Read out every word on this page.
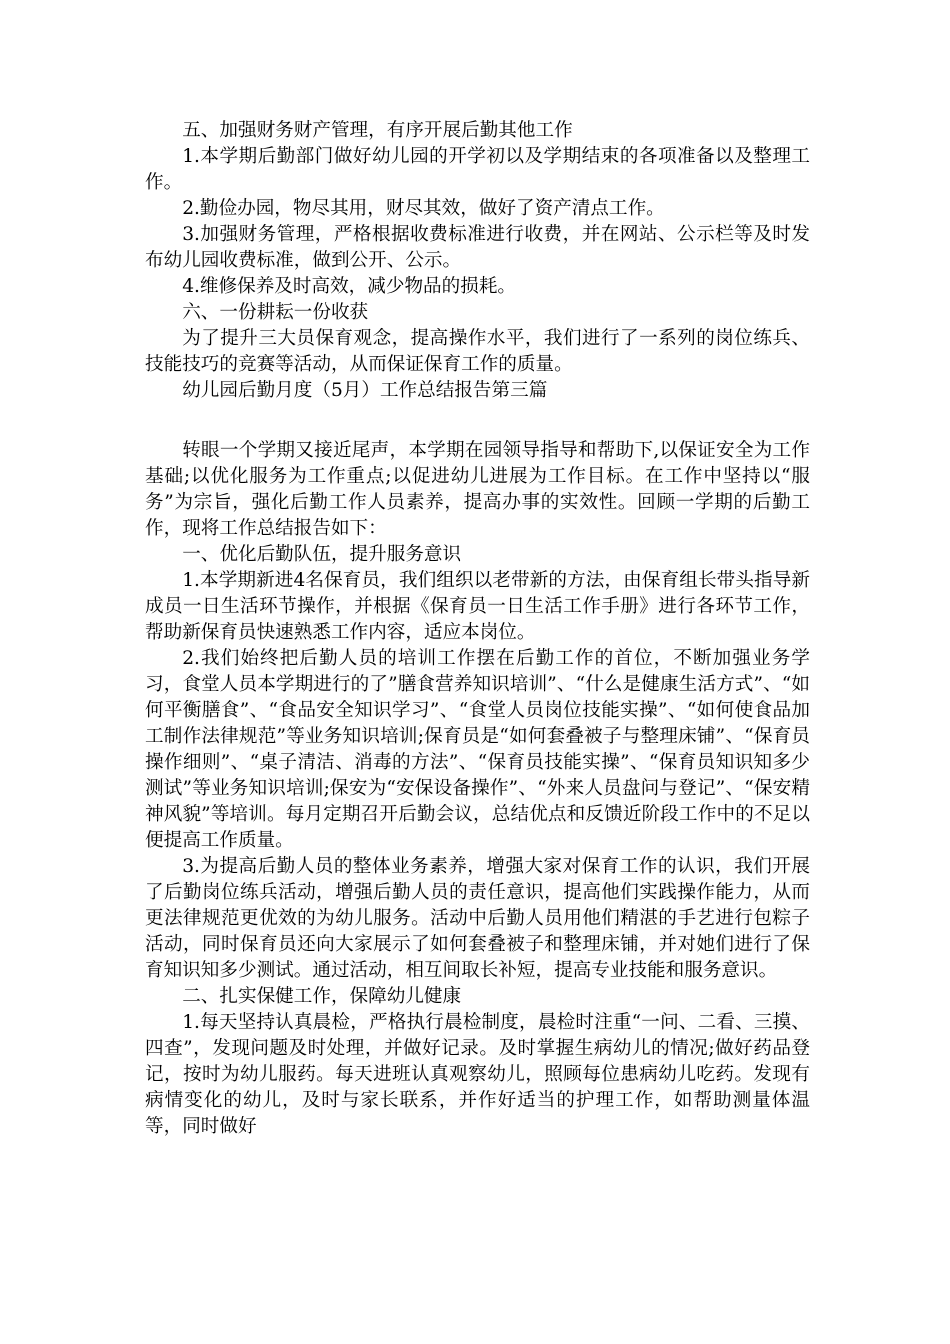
五、加强财务财产管理，有序开展后勤其他工作

1.本学期后勤部门做好幼儿园的开学初以及学期结束的各项准备以及整理工作。

2.勤俭办园，物尽其用，财尽其效，做好了资产清点工作。

3.加强财务管理，严格根据收费标准进行收费，并在网站、公示栏等及时发布幼儿园收费标准，做到公开、公示。

4.维修保养及时高效，减少物品的损耗。

六、一份耕耘一份收获

为了提升三大员保育观念，提高操作水平，我们进行了一系列的岗位练兵、技能技巧的竞赛等活动，从而保证保育工作的质量。

幼儿园后勤月度（5月）工作总结报告第三篇

转眼一个学期又接近尾声，本学期在园领导指导和帮助下,以保证安全为工作基础;以优化服务为工作重点;以促进幼儿进展为工作目标。在工作中坚持以“服务”为宗旨，强化后勤工作人员素养，提高办事的实效性。回顾一学期的后勤工作，现将工作总结报告如下：

一、优化后勤队伍，提升服务意识

1.本学期新进4名保育员，我们组织以老带新的方法，由保育组长带头指导新成员一日生活环节操作，并根据《保育员一日生活工作手册》进行各环节工作，帮助新保育员快速熟悉工作内容，适应本岗位。

2.我们始终把后勤人员的培训工作摆在后勤工作的首位，不断加强业务学习，食堂人员本学期进行的了”膳食营养知识培训”、“什么是健康生活方式”、“如何平衡膳食”、“食品安全知识学习”、“食堂人员岗位技能实操”、“如何使食品加工制作法律规范”等业务知识培训;保育员是“如何套叠被子与整理床铺”、“保育员操作细则”、“桌子清洁、消毒的方法”、“保育员技能实操”、“保育员知识知多少测试”等业务知识培训;保安为“安保设备操作”、“外来人员盘问与登记”、“保安精神风貌”等培训。每月定期召开后勤会议，总结优点和反馈近阶段工作中的不足以便提高工作质量。

3.为提高后勤人员的整体业务素养，增强大家对保育工作的认识，我们开展了后勤岗位练兵活动，增强后勤人员的责任意识，提高他们实践操作能力，从而更法律规范更优效的为幼儿服务。活动中后勤人员用他们精湛的手艺进行包粽子活动，同时保育员还向大家展示了如何套叠被子和整理床铺，并对她们进行了保育知识知多少测试。通过活动，相互间取长补短，提高专业技能和服务意识。

二、扎实保健工作，保障幼儿健康

1.每天坚持认真晨检，严格执行晨检制度，晨检时注重“一问、二看、三摸、四查”，发现问题及时处理，并做好记录。及时掌握生病幼儿的情况;做好药品登记，按时为幼儿服药。每天进班认真观察幼儿，照顾每位患病幼儿吃药。发现有病情变化的幼儿，及时与家长联系，并作好适当的护理工作，如帮助测量体温等，同时做好
